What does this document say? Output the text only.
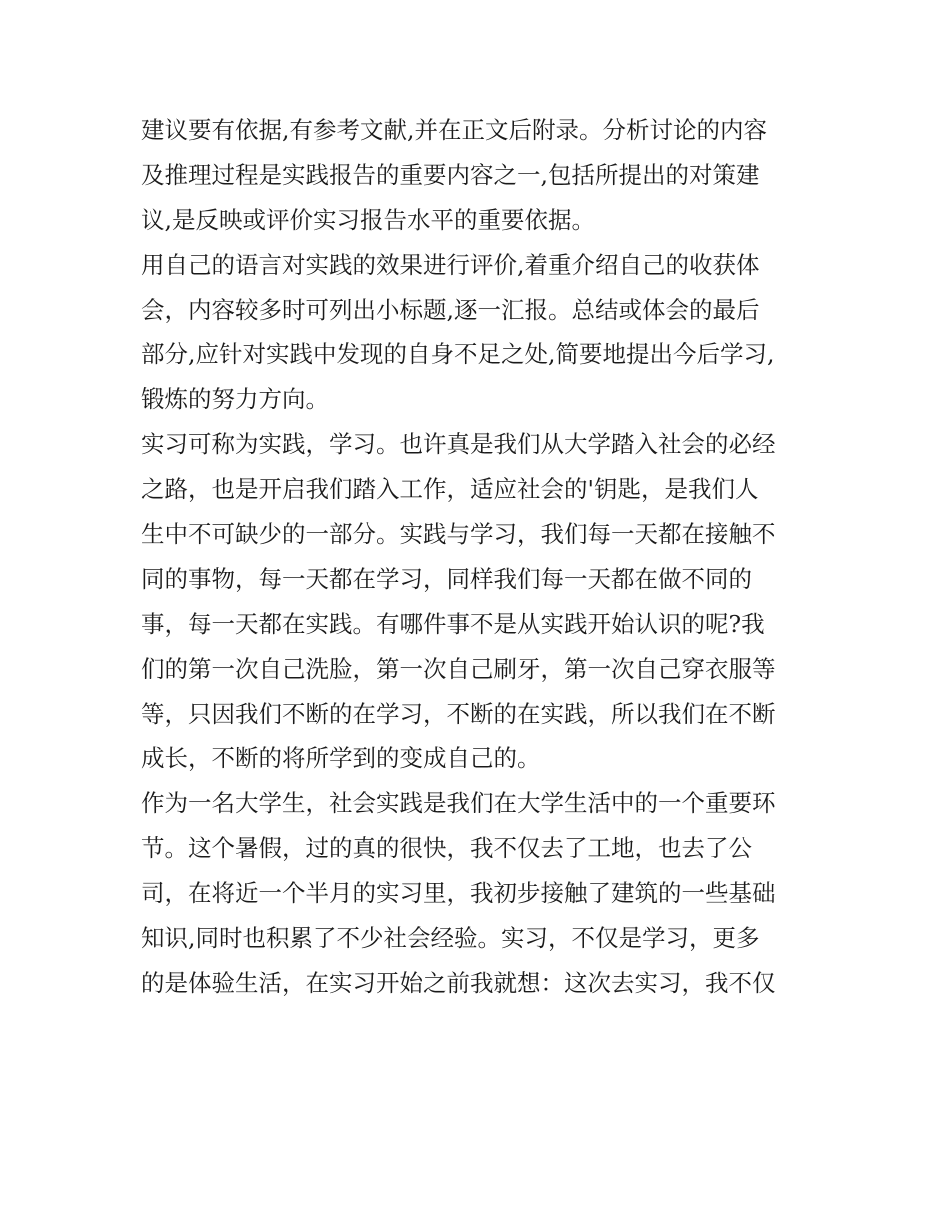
建议要有依据,有参考文献,并在正文后附录。分析讨论的内容
及推理过程是实践报告的重要内容之一,包括所提出的对策建
议,是反映或评价实习报告水平的重要依据。
用自己的语言对实践的效果进行评价,着重介绍自己的收获体
会，内容较多时可列出小标题,逐一汇报。总结或体会的最后
部分,应针对实践中发现的自身不足之处,简要地提出今后学习,
锻炼的努力方向。
实习可称为实践，学习。也许真是我们从大学踏入社会的必经
之路，也是开启我们踏入工作，适应社会的'钥匙，是我们人
生中不可缺少的一部分。实践与学习，我们每一天都在接触不
同的事物，每一天都在学习，同样我们每一天都在做不同的
事，每一天都在实践。有哪件事不是从实践开始认识的呢?我
们的第一次自己洗脸，第一次自己刷牙，第一次自己穿衣服等
等，只因我们不断的在学习，不断的在实践，所以我们在不断
成长，不断的将所学到的变成自己的。
作为一名大学生，社会实践是我们在大学生活中的一个重要环
节。这个暑假，过的真的很快，我不仅去了工地，也去了公
司，在将近一个半月的实习里，我初步接触了建筑的一些基础
知识,同时也积累了不少社会经验。实习，不仅是学习，更多
的是体验生活，在实习开始之前我就想：这次去实习，我不仅
